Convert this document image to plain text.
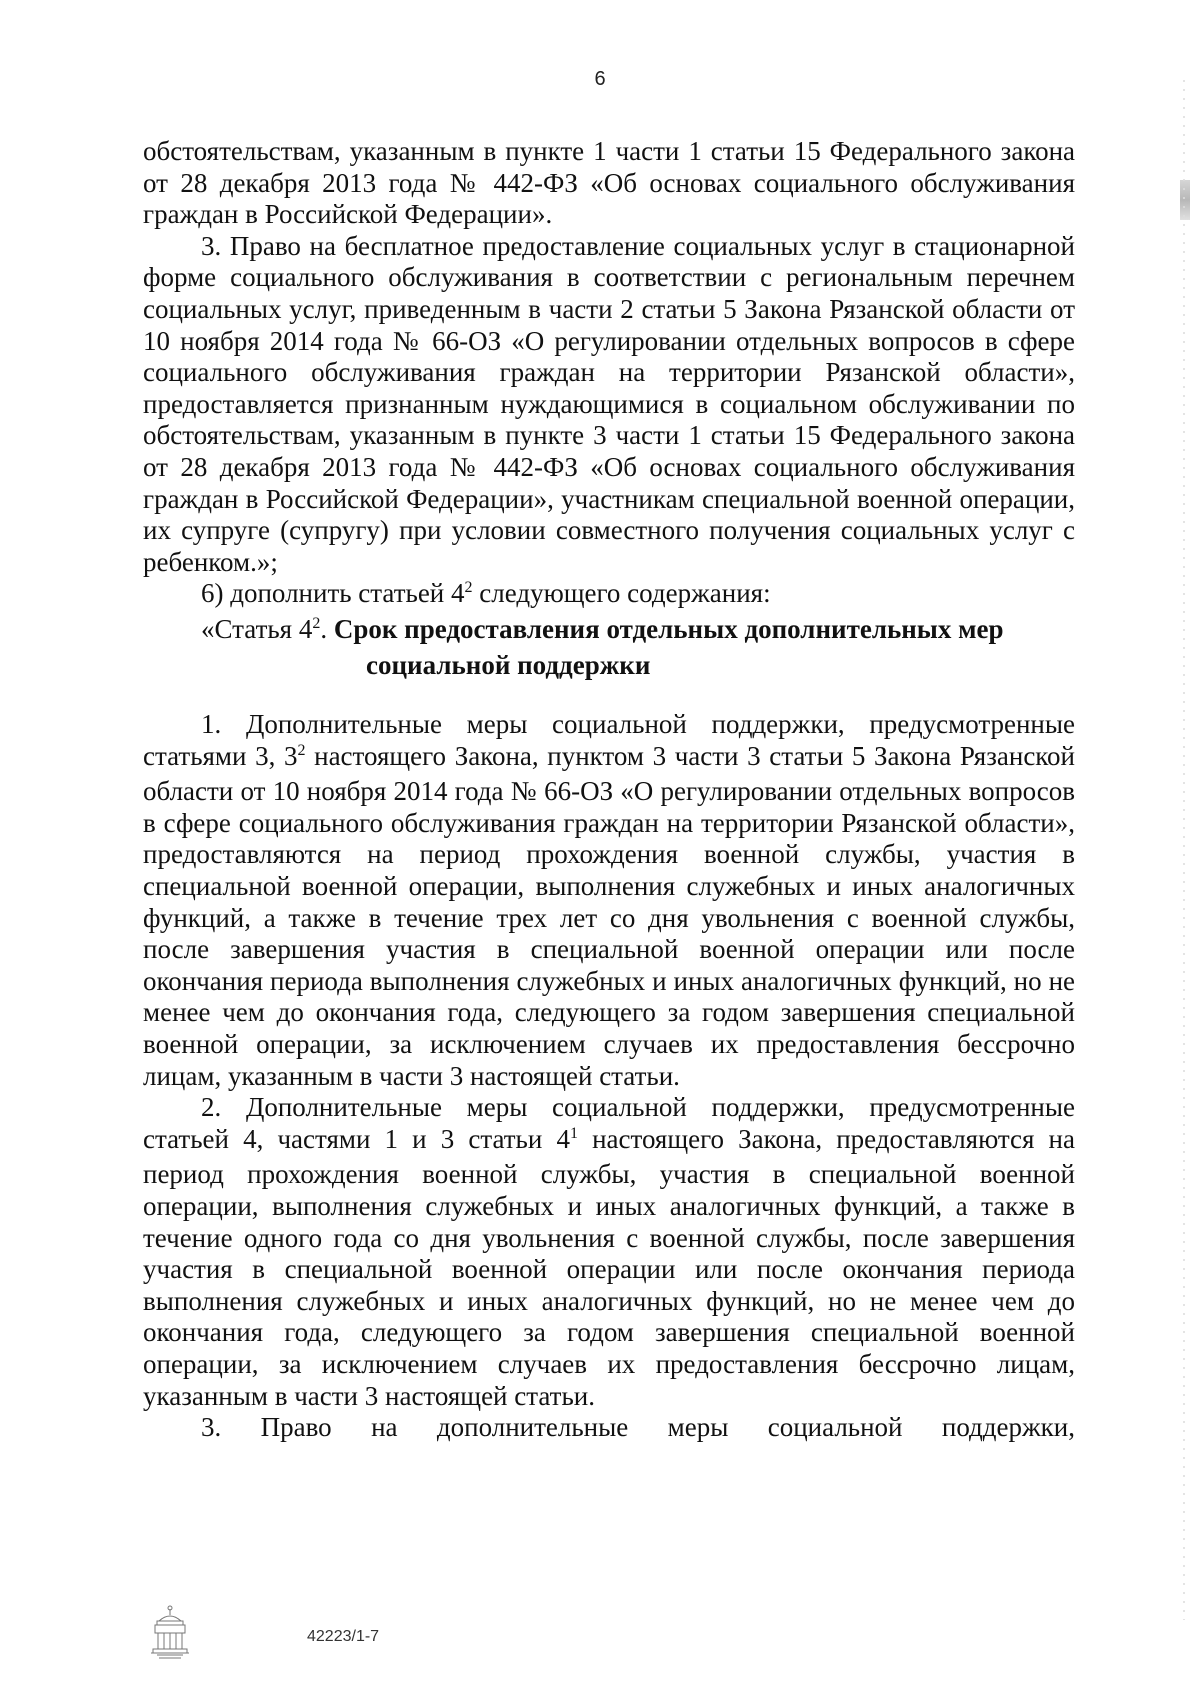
6

обстоятельствам, указанным в пункте 1 части 1 статьи 15 Федерального закона от 28 декабря 2013 года № 442-ФЗ «Об основах социального обслуживания граждан в Российской Федерации».

3. Право на бесплатное предоставление социальных услуг в стационарной форме социального обслуживания в соответствии с региональным перечнем социальных услуг, приведенным в части 2 статьи 5 Закона Рязанской области от 10 ноября 2014 года № 66-ОЗ «О регулировании отдельных вопросов в сфере социального обслуживания граждан на территории Рязанской области», предоставляется признанным нуждающимися в социальном обслуживании по обстоятельствам, указанным в пункте 3 части 1 статьи 15 Федерального закона от 28 декабря 2013 года № 442-ФЗ «Об основах социального обслуживания граждан в Российской Федерации», участникам специальной военной операции, их супруге (супругу) при условии совместного получения социальных услуг с ребенком.»;

6) дополнить статьей $4^2$ следующего содержания:

«Статья $4^2$. Срок предоставления отдельных дополнительных мер
социальной поддержки

1. Дополнительные меры социальной поддержки, предусмотренные статьями 3, $3^2$ настоящего Закона, пунктом 3 части 3 статьи 5 Закона Рязанской области от 10 ноября 2014 года № 66-ОЗ «О регулировании отдельных вопросов в сфере социального обслуживания граждан на территории Рязанской области», предоставляются на период прохождения военной службы, участия в специальной военной операции, выполнения служебных и иных аналогичных функций, а также в течение трех лет со дня увольнения с военной службы, после завершения участия в специальной военной операции или после окончания периода выполнения служебных и иных аналогичных функций, но не менее чем до окончания года, следующего за годом завершения специальной военной операции, за исключением случаев их предоставления бессрочно лицам, указанным в части 3 настоящей статьи.

2. Дополнительные меры социальной поддержки, предусмотренные статьей 4, частями 1 и 3 статьи $4^1$ настоящего Закона, предоставляются на период прохождения военной службы, участия в специальной военной операции, выполнения служебных и иных аналогичных функций, а также в течение одного года со дня увольнения с военной службы, после завершения участия в специальной военной операции или после окончания периода выполнения служебных и иных аналогичных функций, но не менее чем до окончания года, следующего за годом завершения специальной военной операции, за исключением случаев их предоставления бессрочно лицам, указанным в части 3 настоящей статьи.

3. Право на дополнительные меры социальной поддержки,

42223/1-7
